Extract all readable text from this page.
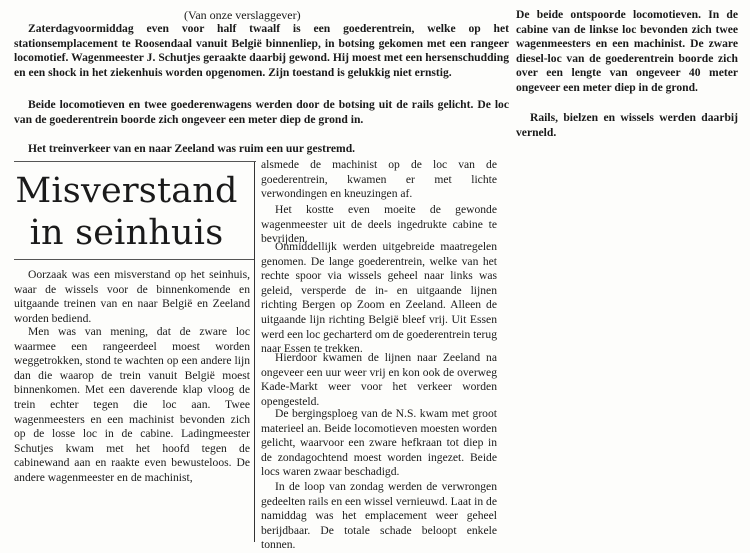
(Van onze verslaggever)

Zaterdagvoormiddag even voor half twaalf is een goederentrein, welke op het stationsemplacement te Roosendaal vanuit België binnenliep, in botsing gekomen met een rangeer locomotief. Wagenmeester J. Schutjes geraakte daarbij gewond. Hij moest met een hersenschudding en een shock in het ziekenhuis worden opgenomen. Zijn toestand is gelukkig niet ernstig.

Beide locomotieven en twee goederenwagens werden door de botsing uit de rails gelicht. De loc van de goederentrein boorde zich ongeveer een meter diep de grond in.

Het treinverkeer van en naar Zeeland was ruim een uur gestremd.

De beide ontspoorde locomotieven. In de cabine van de linkse loc bevonden zich twee wagenmeesters en een machinist. De zware diesel-loc van de goederentrein boorde zich over een lengte van ongeveer 40 meter ongeveer een meter diep in de grond.

Rails, bielzen en wissels werden daarbij verneld.

Misverstand
in seinhuis

Oorzaak was een misverstand op het seinhuis, waar de wissels voor de binnenkomende en uitgaande treinen van en naar België en Zeeland worden bediend.

Men was van mening, dat de zware loc waarmee een rangeerdeel moest worden weggetrokken, stond te wachten op een andere lijn dan die waarop de trein vanuit België moest binnenkomen. Met een daverende klap vloog de trein echter tegen die loc aan. Twee wagenmeesters en een machinist bevonden zich op de losse loc in de cabine. Ladingmeester Schutjes kwam met het hoofd tegen de cabinewand aan en raakte even bewusteloos. De andere wagenmeester en de machinist,

alsmede de machinist op de loc van de goederentrein, kwamen er met lichte verwondingen en kneuzingen af.

Het kostte even moeite de gewonde wagenmeester uit de deels ingedrukte cabine te bevrijden.

Onmiddellijk werden uitgebreide maatregelen genomen. De lange goederentrein, welke van het rechte spoor via wissels geheel naar links was geleid, versperde de in- en uitgaande lijnen richting Bergen op Zoom en Zeeland. Alleen de uitgaande lijn richting België bleef vrij. Uit Essen werd een loc gecharterd om de goederentrein terug naar Essen te trekken.

Hierdoor kwamen de lijnen naar Zeeland na ongeveer een uur weer vrij en kon ook de overweg Kade-Markt weer voor het verkeer worden opengesteld.

De bergingsploeg van de N.S. kwam met groot materieel an. Beide locomotieven moesten worden gelicht, waarvoor een zware hefkraan tot diep in de zondagochtend moest worden ingezet. Beide locs waren zwaar beschadigd.

In de loop van zondag werden de verwrongen gedeelten rails en een wissel vernieuwd. Laat in de namiddag was het emplacement weer geheel berijdbaar. De totale schade beloopt enkele tonnen.
